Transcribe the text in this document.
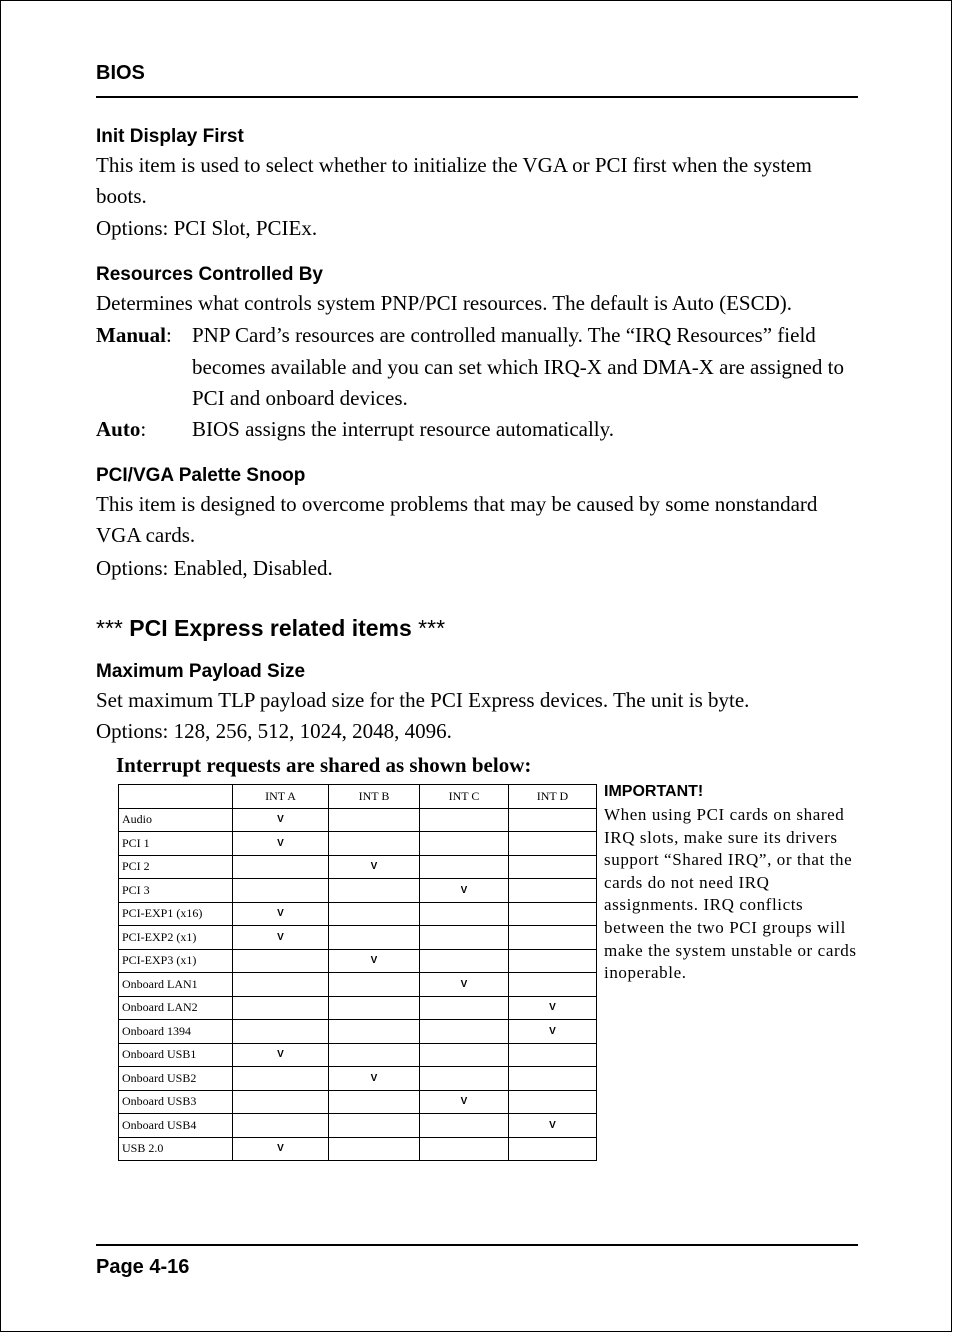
BIOS
Init Display First
This item is used to select whether to initialize the VGA or PCI first when the system boots.
Options: PCI Slot, PCIEx.
Resources Controlled By
Determines what controls system PNP/PCI resources. The default is Auto (ESCD).
Manual: PNP Card’s resources are controlled manually. The “IRQ Resources” field becomes available and you can set which IRQ-X and DMA-X are assigned to PCI and onboard devices.
Auto: BIOS assigns the interrupt resource automatically.
PCI/VGA Palette Snoop
This item is designed to overcome problems that may be caused by some nonstandard VGA cards.
Options: Enabled, Disabled.
*** PCI Express related items ***
Maximum Payload Size
Set maximum TLP payload size for the PCI Express devices. The unit is byte.
Options: 128, 256, 512, 1024, 2048, 4096.
Interrupt requests are shared as shown below:
	INT A	INT B	INT C	INT D
Audio	V			
PCI 1	V			
PCI 2		V		
PCI 3			V	
PCI-EXP1 (x16)	V			
PCI-EXP2 (x1)	V			
PCI-EXP3 (x1)		V		
Onboard LAN1			V	
Onboard LAN2				V
Onboard 1394				V
Onboard USB1	V			
Onboard USB2		V		
Onboard USB3			V	
Onboard USB4				V
USB 2.0	V			
IMPORTANT!
When using PCI cards on shared IRQ slots, make sure its drivers support “Shared IRQ”, or that the cards do not need IRQ assignments. IRQ conflicts between the two PCI groups will make the system unstable or cards inoperable.
Page 4-16
